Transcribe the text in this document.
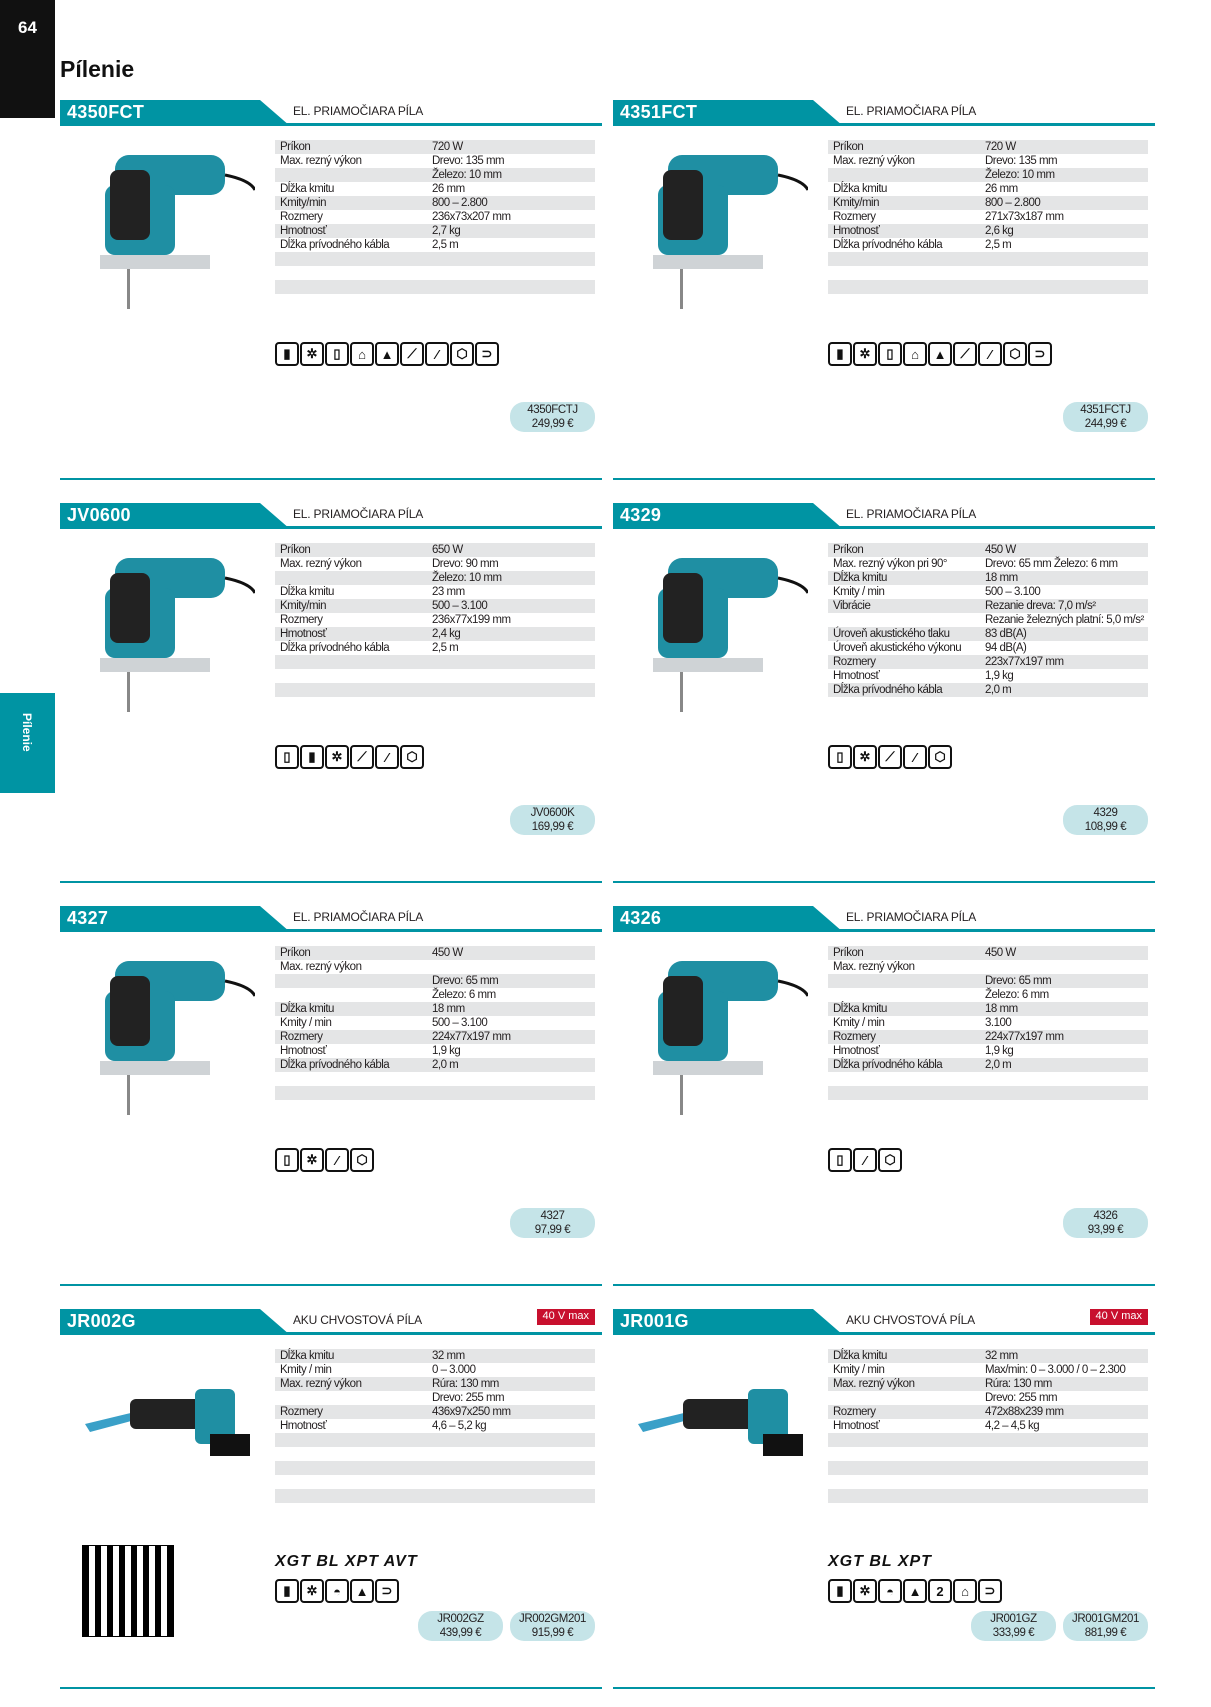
64
Pílenie
Pílenie
4350FCT	EL. PRIAMOČIARA PÍLA
Príkon	720 W
Max. rezný výkon	Drevo: 135 mm
Železo: 10 mm
Dĺžka kmitu	26 mm
Kmity/min	800 – 2.800
Rozmery	236x73x207 mm
Hmotnosť	2,7 kg
Dĺžka prívodného kábla	2,5 m
▮	✲	▯	⌂	▲	⟋	∕	⬡	⊃
4350FCTJ
249,99 €
4351FCT	EL. PRIAMOČIARA PÍLA
Príkon	720 W
Max. rezný výkon	Drevo: 135 mm
Železo: 10 mm
Dĺžka kmitu	26 mm
Kmity/min	800 – 2.800
Rozmery	271x73x187 mm
Hmotnosť	2,6 kg
Dĺžka prívodného kábla	2,5 m
▮	✲	▯	⌂	▲	⟋	∕	⬡	⊃
4351FCTJ
244,99 €
JV0600	EL. PRIAMOČIARA PÍLA
Príkon	650 W
Max. rezný výkon	Drevo: 90 mm
Železo: 10 mm
Dĺžka kmitu	23 mm
Kmity/min	500 – 3.100
Rozmery	236x77x199 mm
Hmotnosť	2,4 kg
Dĺžka prívodného kábla	2,5 m
▯	▮	✲	⟋	∕	⬡
JV0600K
169,99 €
4329	EL. PRIAMOČIARA PÍLA
Príkon	450 W
Max. rezný výkon pri 90°	Drevo: 65 mm Železo: 6 mm
Dĺžka kmitu	18 mm
Kmity / min	500 – 3.100
Vibrácie	Rezanie dreva: 7,0 m/s²
Rezanie železných platní: 5,0 m/s²
Úroveň akustického tlaku	83 dB(A)
Úroveň akustického výkonu	94 dB(A)
Rozmery	223x77x197 mm
Hmotnosť	1,9 kg
Dĺžka prívodného kábla	2,0 m
▯	✲	⟋	∕	⬡
4329
108,99 €
4327	EL. PRIAMOČIARA PÍLA
Príkon	450 W
Max. rezný výkon
Drevo: 65 mm
Železo: 6 mm
Dĺžka kmitu	18 mm
Kmity / min	500 – 3.100
Rozmery	224x77x197 mm
Hmotnosť	1,9 kg
Dĺžka prívodného kábla	2,0 m
▯	✲	∕	⬡
4327
97,99 €
4326	EL. PRIAMOČIARA PÍLA
Príkon	450 W
Max. rezný výkon
Drevo: 65 mm
Železo: 6 mm
Dĺžka kmitu	18 mm
Kmity / min	3.100
Rozmery	224x77x197 mm
Hmotnosť	1,9 kg
Dĺžka prívodného kábla	2,0 m
▯	∕	⬡
4326
93,99 €
JR002G	AKU CHVOSTOVÁ PÍLA	40 V max
Dĺžka kmitu	32 mm
Kmity / min	0 – 3.000
Max. rezný výkon	Rúra: 130 mm
Drevo: 255 mm
Rozmery	436x97x250 mm
Hmotnosť	4,6 – 5,2 kg
XGT BL XPT AVT
▮	✲	◓	▲	⊃
JR002GM201
915,99 €
JR002GZ
439,99 €
JR001G	AKU CHVOSTOVÁ PÍLA	40 V max
Dĺžka kmitu	32 mm
Kmity / min	Max/min: 0 – 3.000 / 0 – 2.300
Max. rezný výkon	Rúra: 130 mm
Drevo: 255 mm
Rozmery	472x88x239 mm
Hmotnosť	4,2 – 4,5 kg
XGT BL XPT
▮	✲	◓	▲	2	⌂	⊃
JR001GM201
881,99 €
JR001GZ
333,99 €
